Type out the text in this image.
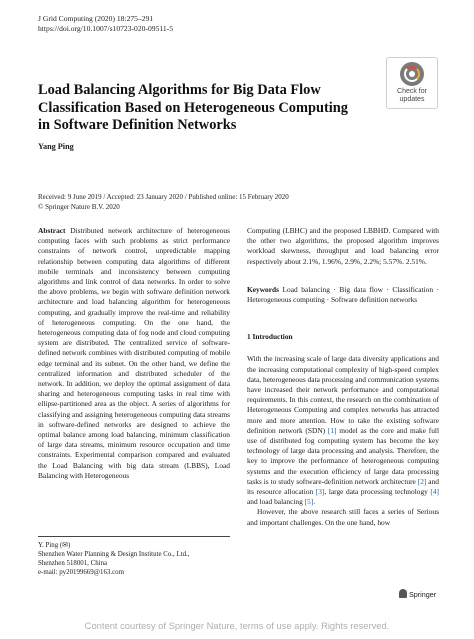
J Grid Computing (2020) 18:275–291
https://doi.org/10.1007/s10723-020-09511-5
Check for
updates
Load Balancing Algorithms for Big Data Flow Classification Based on Heterogeneous Computing in Software Definition Networks
Yang Ping
Received: 9 June 2019 / Accepted: 23 January 2020 / Published online: 15 February 2020
© Springer Nature B.V. 2020

Abstract Distributed network architecture of heterogeneous computing faces with such problems as strict performance constraints of network control, unpredictable mapping relationship between computing data algorithms of different mobile terminals and inconsistency between computing algorithms and link control of data networks. In order to solve the above problems, we begin with software definition network architecture and load balancing algorithm for heterogeneous computing, and gradually improve the real-time and reliability of heterogeneous computing. On the one hand, the heterogeneous computing data of fog node and cloud computing system are distributed. The centralized service of software-defined network combines with distributed computing of mobile edge terminal and its subnet. On the other hand, we define the centralized information and distributed scheduler of the network. In addition, we deploy the optimal assignment of data sharing and heterogeneous computing tasks in real time with ellipse-partitioned area as the object. A series of algorithms for classifying and assigning heterogeneous computing data streams in software-defined networks are designed to achieve the optimal balance among load balancing, minimum classification of large data streams, minimum resource occupation and time constraints. Experimental comparison compared and evaluated the Load Balancing with big data stream (LBBS), Load Balancing with Heterogeneous

Computing (LBHC) and the proposed LBBHD. Compared with the other two algorithms, the proposed algorithm improves workload skewness, throughput and load balancing error respectively about 2.1%, 1.96%, 2.9%, 2.2%; 5.57%. 2.51%.

Keywords Load balancing · Big data flow · Classification · Heterogeneous computing · Software definition networks

1 Introduction

With the increasing scale of large data diversity applications and the increasing computational complexity of high-speed complex data, heterogeneous data processing and communication systems have increased their network performance and computational requirements. In this context, the research on the combination of Heterogeneous Computing and complex networks has attracted more and more attention. How to take the existing software definition network (SDN) [1] model as the core and make full use of distributed fog computing system has become the key technology of large data processing and analysis. Therefore, the key to improve the performance of heterogeneous computing systems and the execution efficiency of large data processing tasks is to study software-definition network architecture [2] and its resource allocation [3], large data processing technology [4] and load balancing [5].

However, the above research still faces a series of Serious and important challenges. On the one hand, how

Y. Ping (✉)
Shenzhen Water Planning & Design Institute Co., Ltd.,
Shenzhen 518001, China
e-mail: py20199669@163.com
Springer
Content courtesy of Springer Nature, terms of use apply. Rights reserved.
